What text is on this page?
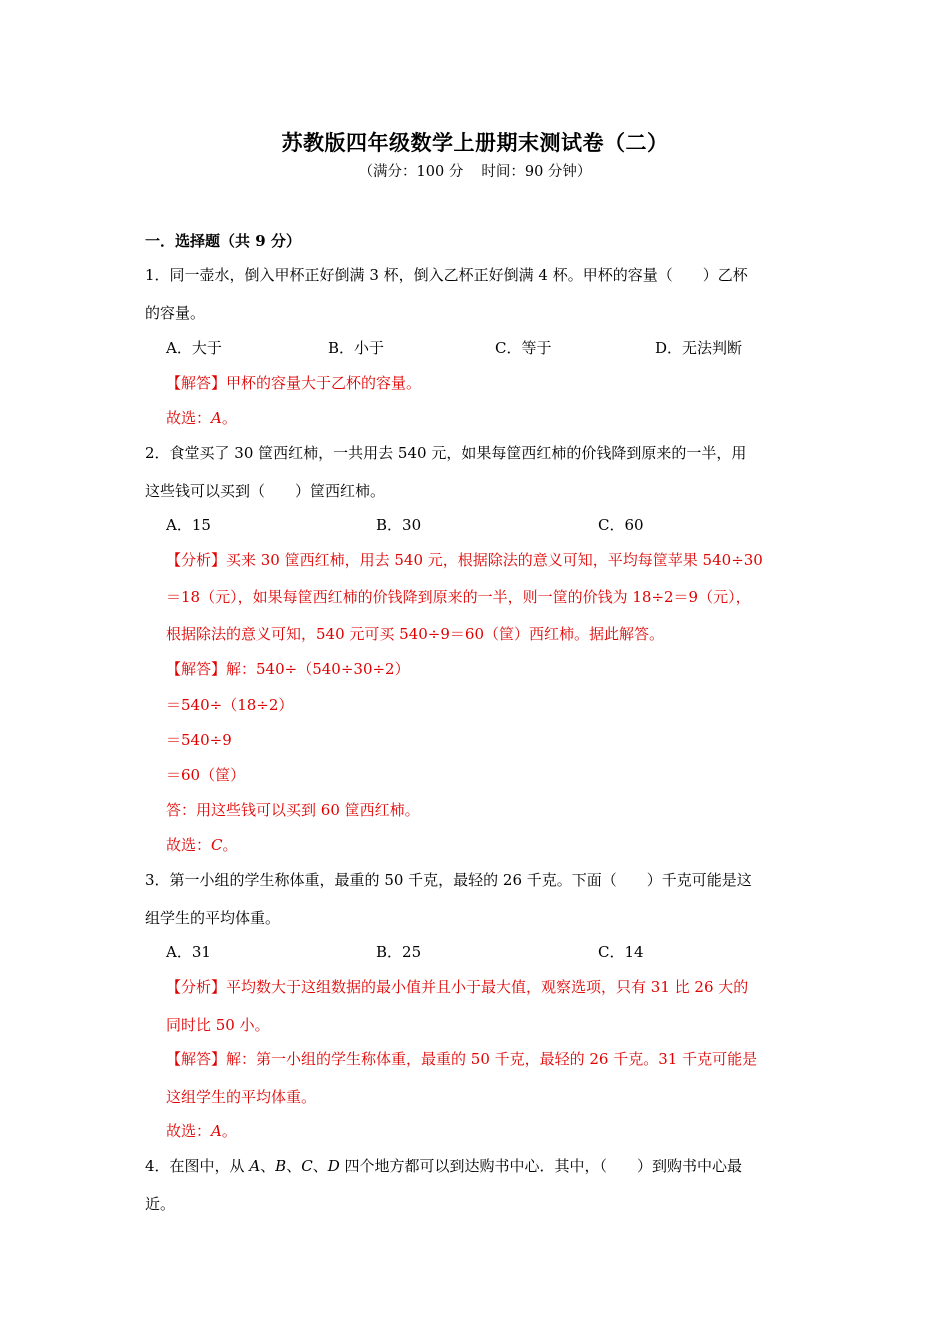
苏教版四年级数学上册期末测试卷（二）
（满分：100 分 时间：90 分钟）
一．选择题（共 9 分）
1．同一壶水，倒入甲杯正好倒满 3 杯，倒入乙杯正好倒满 4 杯。甲杯的容量（　　）乙杯
的容量。
A．大于	B．小于	C．等于	D．无法判断
【解答】甲杯的容量大于乙杯的容量。
故选：A。
2．食堂买了 30 筐西红柿，一共用去 540 元，如果每筐西红柿的价钱降到原来的一半，用
这些钱可以买到（　　）筐西红柿。
A．15	B．30	C．60
【分析】买来 30 筐西红柿，用去 540 元，根据除法的意义可知，平均每筐苹果 540÷30
＝18（元），如果每筐西红柿的价钱降到原来的一半，则一筐的价钱为 18÷2＝9（元），
根据除法的意义可知，540 元可买 540÷9＝60（筐）西红柿。据此解答。
【解答】解：540÷（540÷30÷2）
＝540÷（18÷2）
＝540÷9
＝60（筐）
答：用这些钱可以买到 60 筐西红柿。
故选：C。
3．第一小组的学生称体重，最重的 50 千克，最轻的 26 千克。下面（　　）千克可能是这
组学生的平均体重。
A．31	B．25	C．14
【分析】平均数大于这组数据的最小值并且小于最大值，观察选项，只有 31 比 26 大的
同时比 50 小。
【解答】解：第一小组的学生称体重，最重的 50 千克，最轻的 26 千克。31 千克可能是
这组学生的平均体重。
故选：A。
4．在图中，从 A、B、C、D 四个地方都可以到达购书中心．其中，（　　）到购书中心最
近。
